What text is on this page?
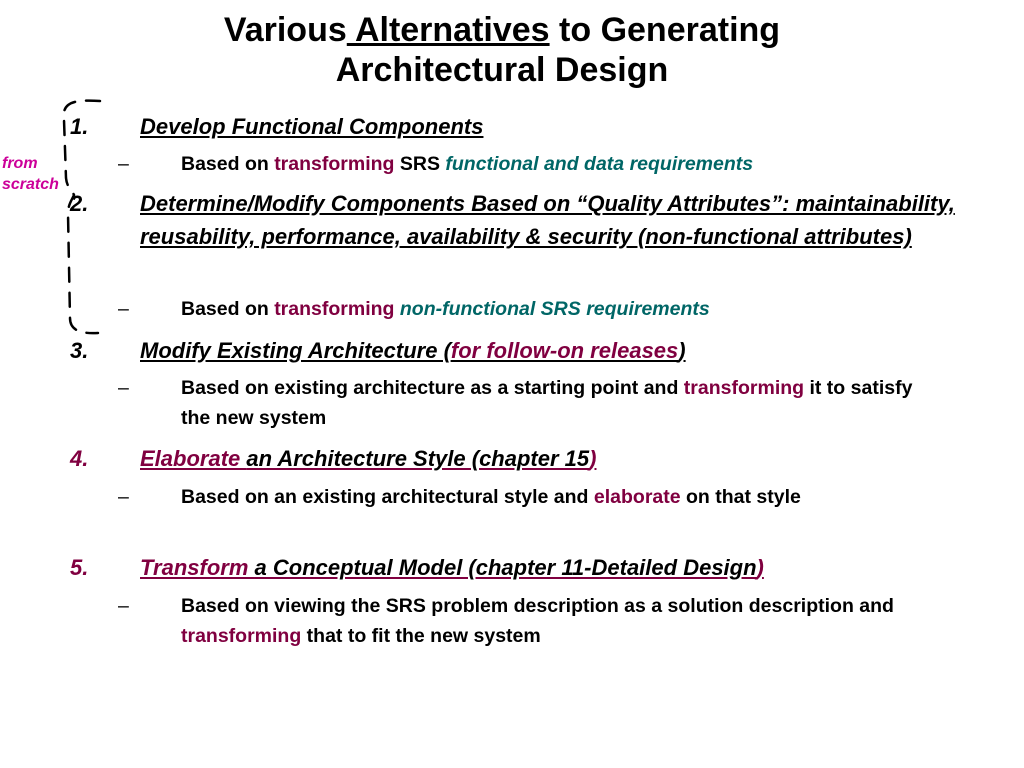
Various Alternatives to Generating
Architectural Design
from
scratch
1. Develop Functional Components
–	Based on transforming SRS functional and data requirements
2. Determine/Modify Components Based on “Quality Attributes”: maintainability, reusability, performance, availability & security (non-functional attributes)
–	Based on transforming non-functional SRS requirements
3. Modify Existing Architecture (for follow-on releases)
–	Based on existing architecture as a starting point and transforming it to satisfy the new system
4. Elaborate an Architecture Style (chapter 15)
–	Based on an existing architectural style and elaborate on that style
5. Transform a Conceptual Model (chapter 11-Detailed Design)
–	Based on viewing the SRS problem description as a solution description and transforming that to fit the new system
